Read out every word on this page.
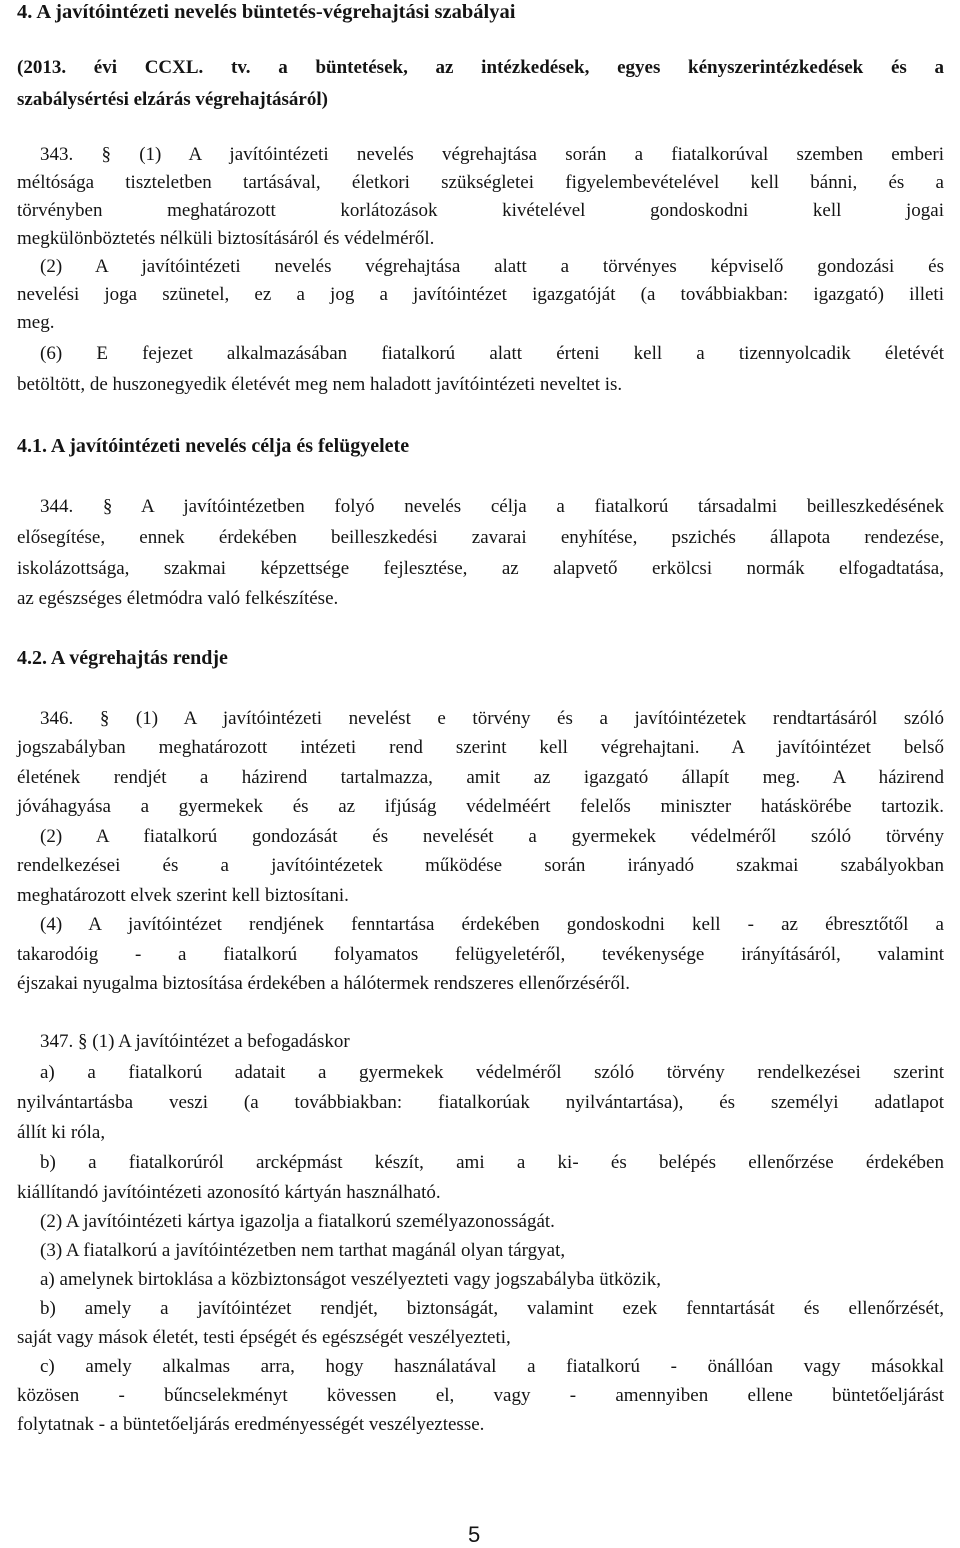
4. A javítóintézeti nevelés büntetés-végrehajtási szabályai
(2013. évi CCXL. tv. a büntetések, az intézkedések, egyes kényszerintézkedések és a
szabálysértési elzárás végrehajtásáról)
343. § (1) A javítóintézeti nevelés végrehajtása során a fiatalkorúval szemben emberi
méltósága tiszteletben tartásával, életkori szükségletei figyelembevételével kell bánni, és a
törvényben meghatározott korlátozások kivételével gondoskodni kell jogai
megkülönböztetés nélküli biztosításáról és védelméről.
(2) A javítóintézeti nevelés végrehajtása alatt a törvényes képviselő gondozási és
nevelési joga szünetel, ez a jog a javítóintézet igazgatóját (a továbbiakban: igazgató) illeti
meg.
(6) E fejezet alkalmazásában fiatalkorú alatt érteni kell a tizennyolcadik életévét
betöltött, de huszonegyedik életévét meg nem haladott javítóintézeti neveltet is.
4.1. A javítóintézeti nevelés célja és felügyelete
344. § A javítóintézetben folyó nevelés célja a fiatalkorú társadalmi beilleszkedésének
elősegítése, ennek érdekében beilleszkedési zavarai enyhítése, pszichés állapota rendezése,
iskolázottsága, szakmai képzettsége fejlesztése, az alapvető erkölcsi normák elfogadtatása,
az egészséges életmódra való felkészítése.
4.2. A végrehajtás rendje
346. § (1) A javítóintézeti nevelést e törvény és a javítóintézetek rendtartásáról szóló
jogszabályban meghatározott intézeti rend szerint kell végrehajtani. A javítóintézet belső
életének rendjét a házirend tartalmazza, amit az igazgató állapít meg. A házirend
jóváhagyása a gyermekek és az ifjúság védelméért felelős miniszter hatáskörébe tartozik.
(2) A fiatalkorú gondozását és nevelését a gyermekek védelméről szóló törvény
rendelkezései és a javítóintézetek működése során irányadó szakmai szabályokban
meghatározott elvek szerint kell biztosítani.
(4) A javítóintézet rendjének fenntartása érdekében gondoskodni kell - az ébresztőtől a
takarodóig - a fiatalkorú folyamatos felügyeletéről, tevékenysége irányításáról, valamint
éjszakai nyugalma biztosítása érdekében a hálótermek rendszeres ellenőrzéséről.
347. § (1) A javítóintézet a befogadáskor
a) a fiatalkorú adatait a gyermekek védelméről szóló törvény rendelkezései szerint
nyilvántartásba veszi (a továbbiakban: fiatalkorúak nyilvántartása), és személyi adatlapot
állít ki róla,
b) a fiatalkorúról arcképmást készít, ami a ki- és belépés ellenőrzése érdekében
kiállítandó javítóintézeti azonosító kártyán használható.
(2) A javítóintézeti kártya igazolja a fiatalkorú személyazonosságát.
(3) A fiatalkorú a javítóintézetben nem tarthat magánál olyan tárgyat,
a) amelynek birtoklása a közbiztonságot veszélyezteti vagy jogszabályba ütközik,
b) amely a javítóintézet rendjét, biztonságát, valamint ezek fenntartását és ellenőrzését,
saját vagy mások életét, testi épségét és egészségét veszélyezteti,
c) amely alkalmas arra, hogy használatával a fiatalkorú - önállóan vagy másokkal
közösen - bűncselekményt kövessen el, vagy - amennyiben ellene büntetőeljárást
folytatnak - a büntetőeljárás eredményességét veszélyeztesse.
5
